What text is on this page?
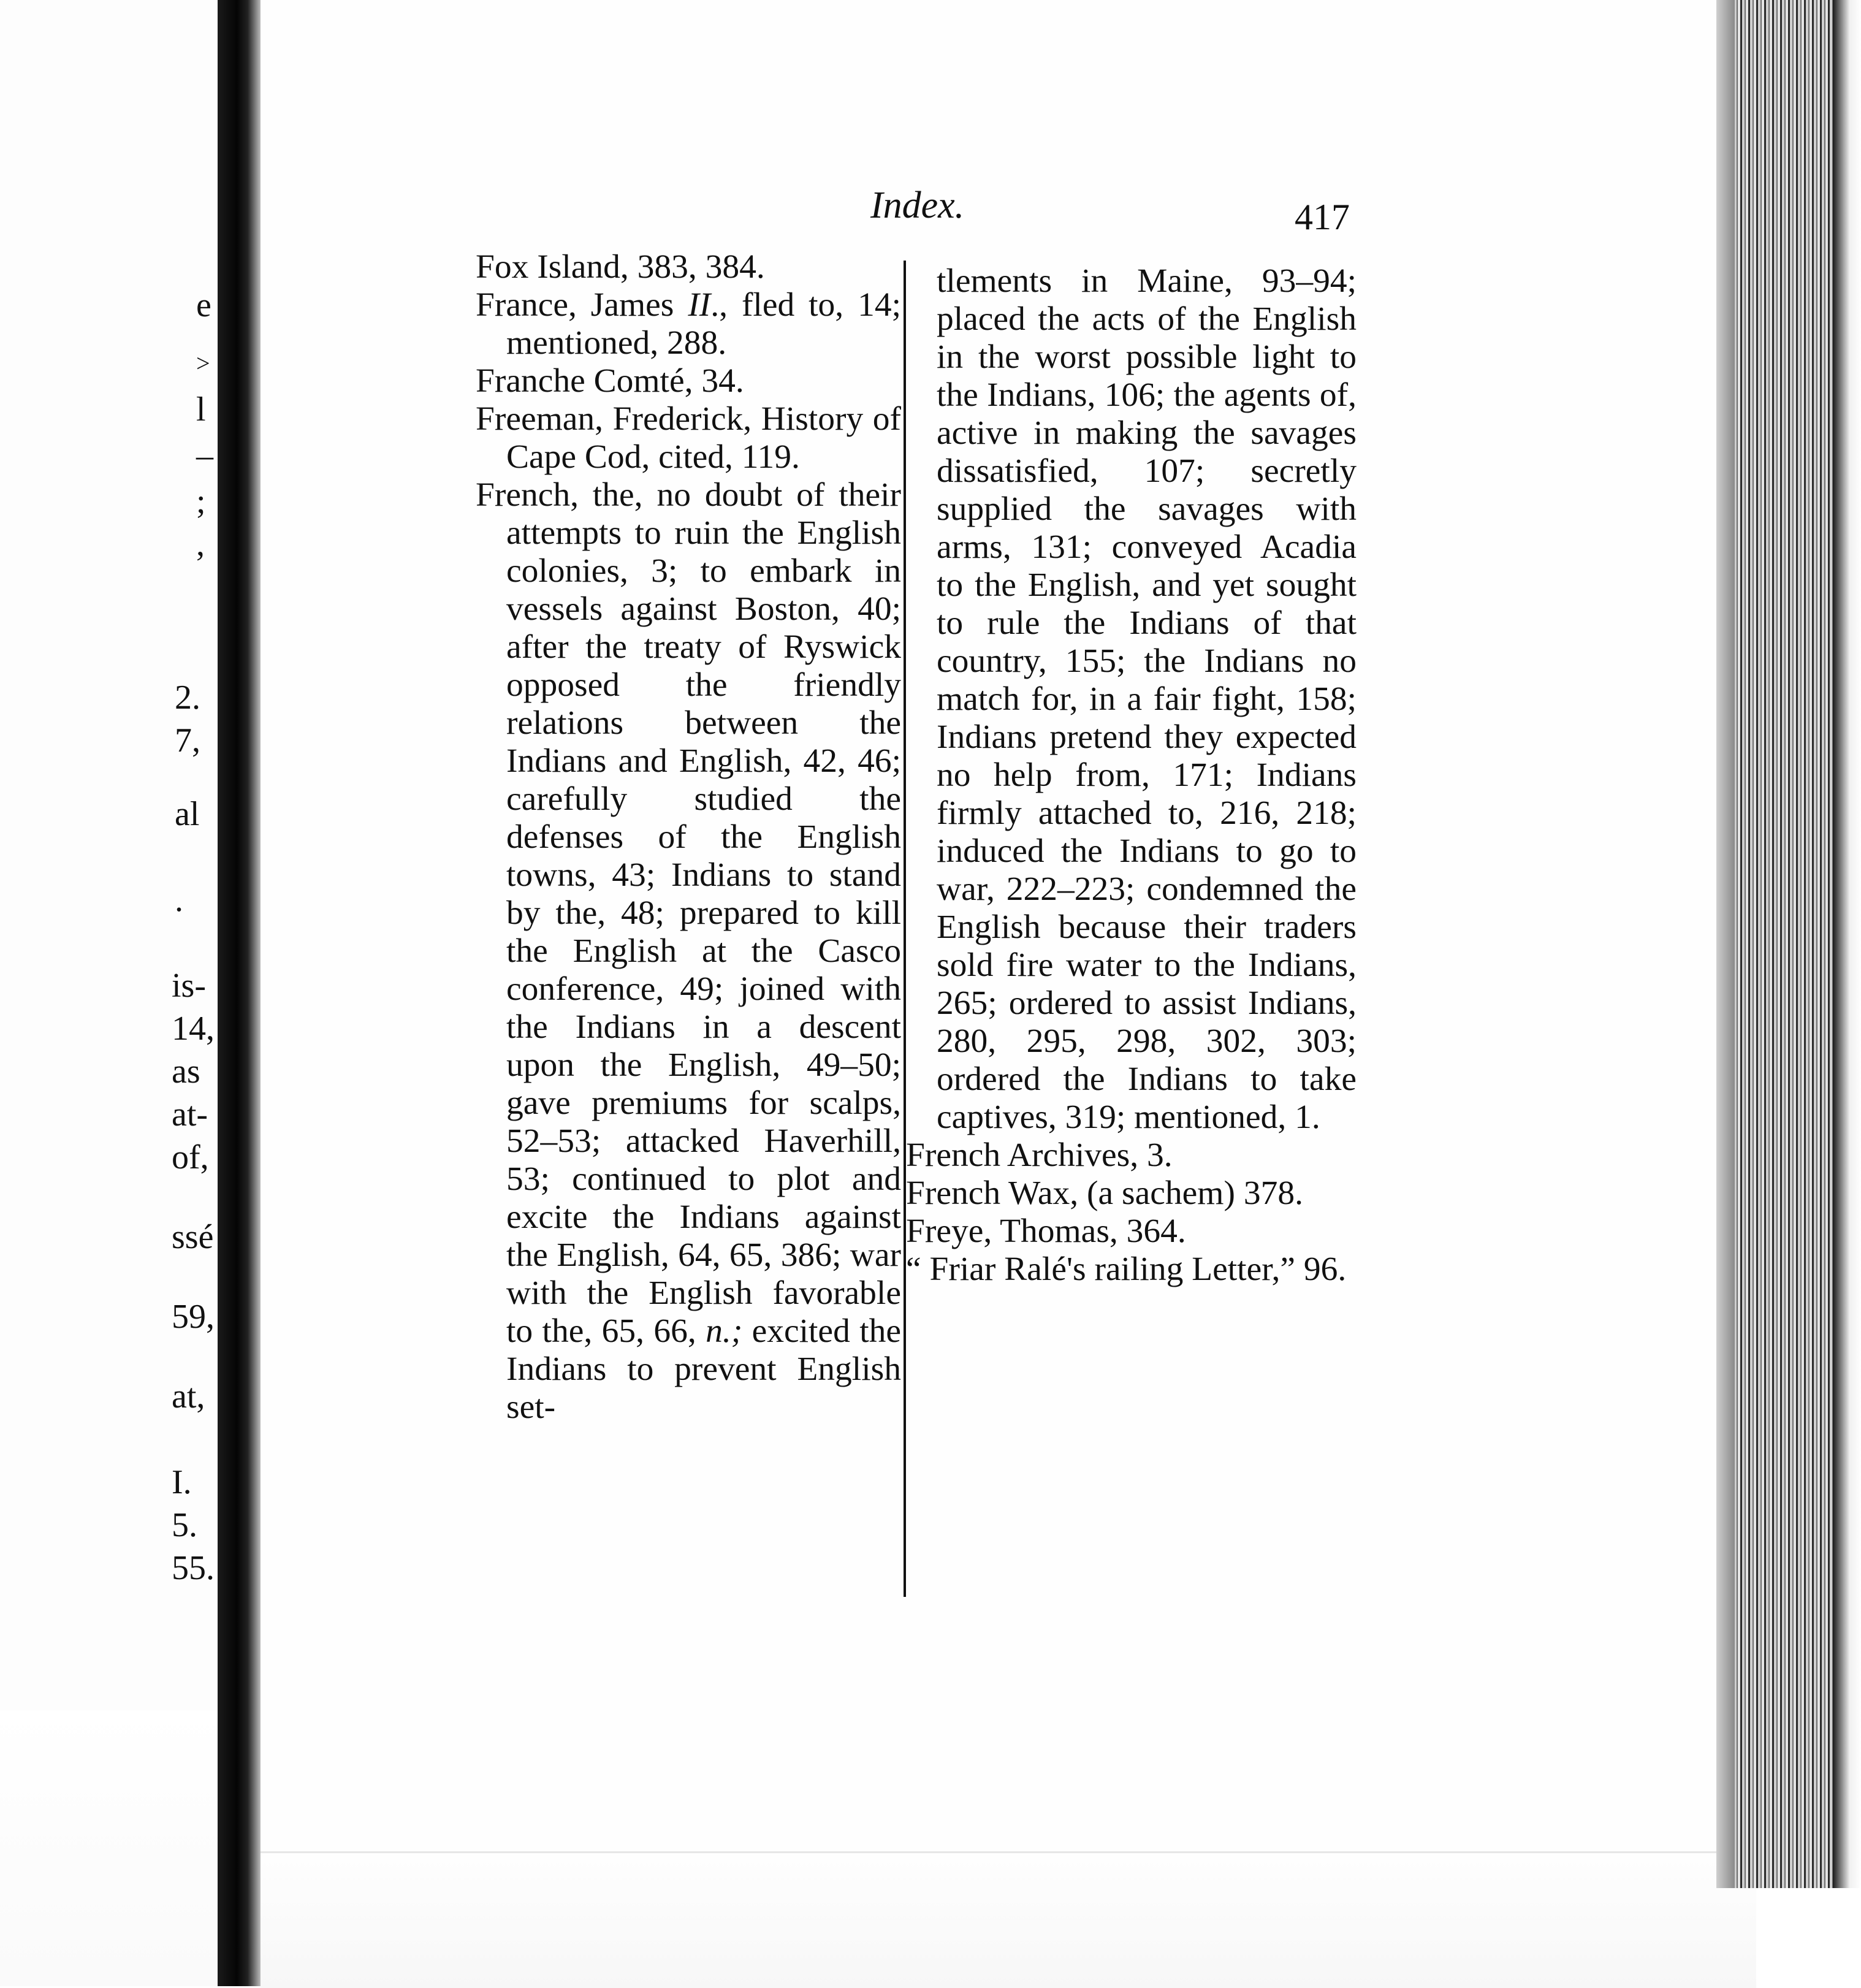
e
>
l
–
;
,
2.
7,
al
.
is-
14,
as
at-
of,
ssé
59,
at,
I.
5.
55.
Index.	417

Fox Island, 383, 384.

France, James II., fled to, 14; mentioned, 288.

Franche Comté, 34.

Freeman, Frederick, History of Cape Cod, cited, 119.

French, the, no doubt of their attempts to ruin the English colonies, 3; to embark in vessels against Boston, 40; after the treaty of Ryswick opposed the friendly relations between the Indians and English, 42, 46; carefully studied the defenses of the English towns, 43; Indians to stand by the, 48; prepared to kill the English at the Casco conference, 49; joined with the Indians in a descent upon the English, 49–50; gave premiums for scalps, 52–53; attacked Haverhill, 53; continued to plot and excite the Indians against the English, 64, 65, 386; war with the English favorable to the, 65, 66, n.; excited the Indians to prevent English set-

tlements in Maine, 93–94; placed the acts of the English in the worst possible light to the Indians, 106; the agents of, active in making the savages dissatisfied, 107; secretly supplied the savages with arms, 131; conveyed Acadia to the English, and yet sought to rule the Indians of that country, 155; the Indians no match for, in a fair fight, 158; Indians pretend they expected no help from, 171; Indians firmly attached to, 216, 218; induced the Indians to go to war, 222–223; condemned the English because their traders sold fire water to the Indians, 265; ordered to assist Indians, 280, 295, 298, 302, 303; ordered the Indians to take captives, 319; mentioned, 1.

French Archives, 3.

French Wax, (a sachem) 378.

Freye, Thomas, 364.

“ Friar Ralé's railing Letter,” 96.
